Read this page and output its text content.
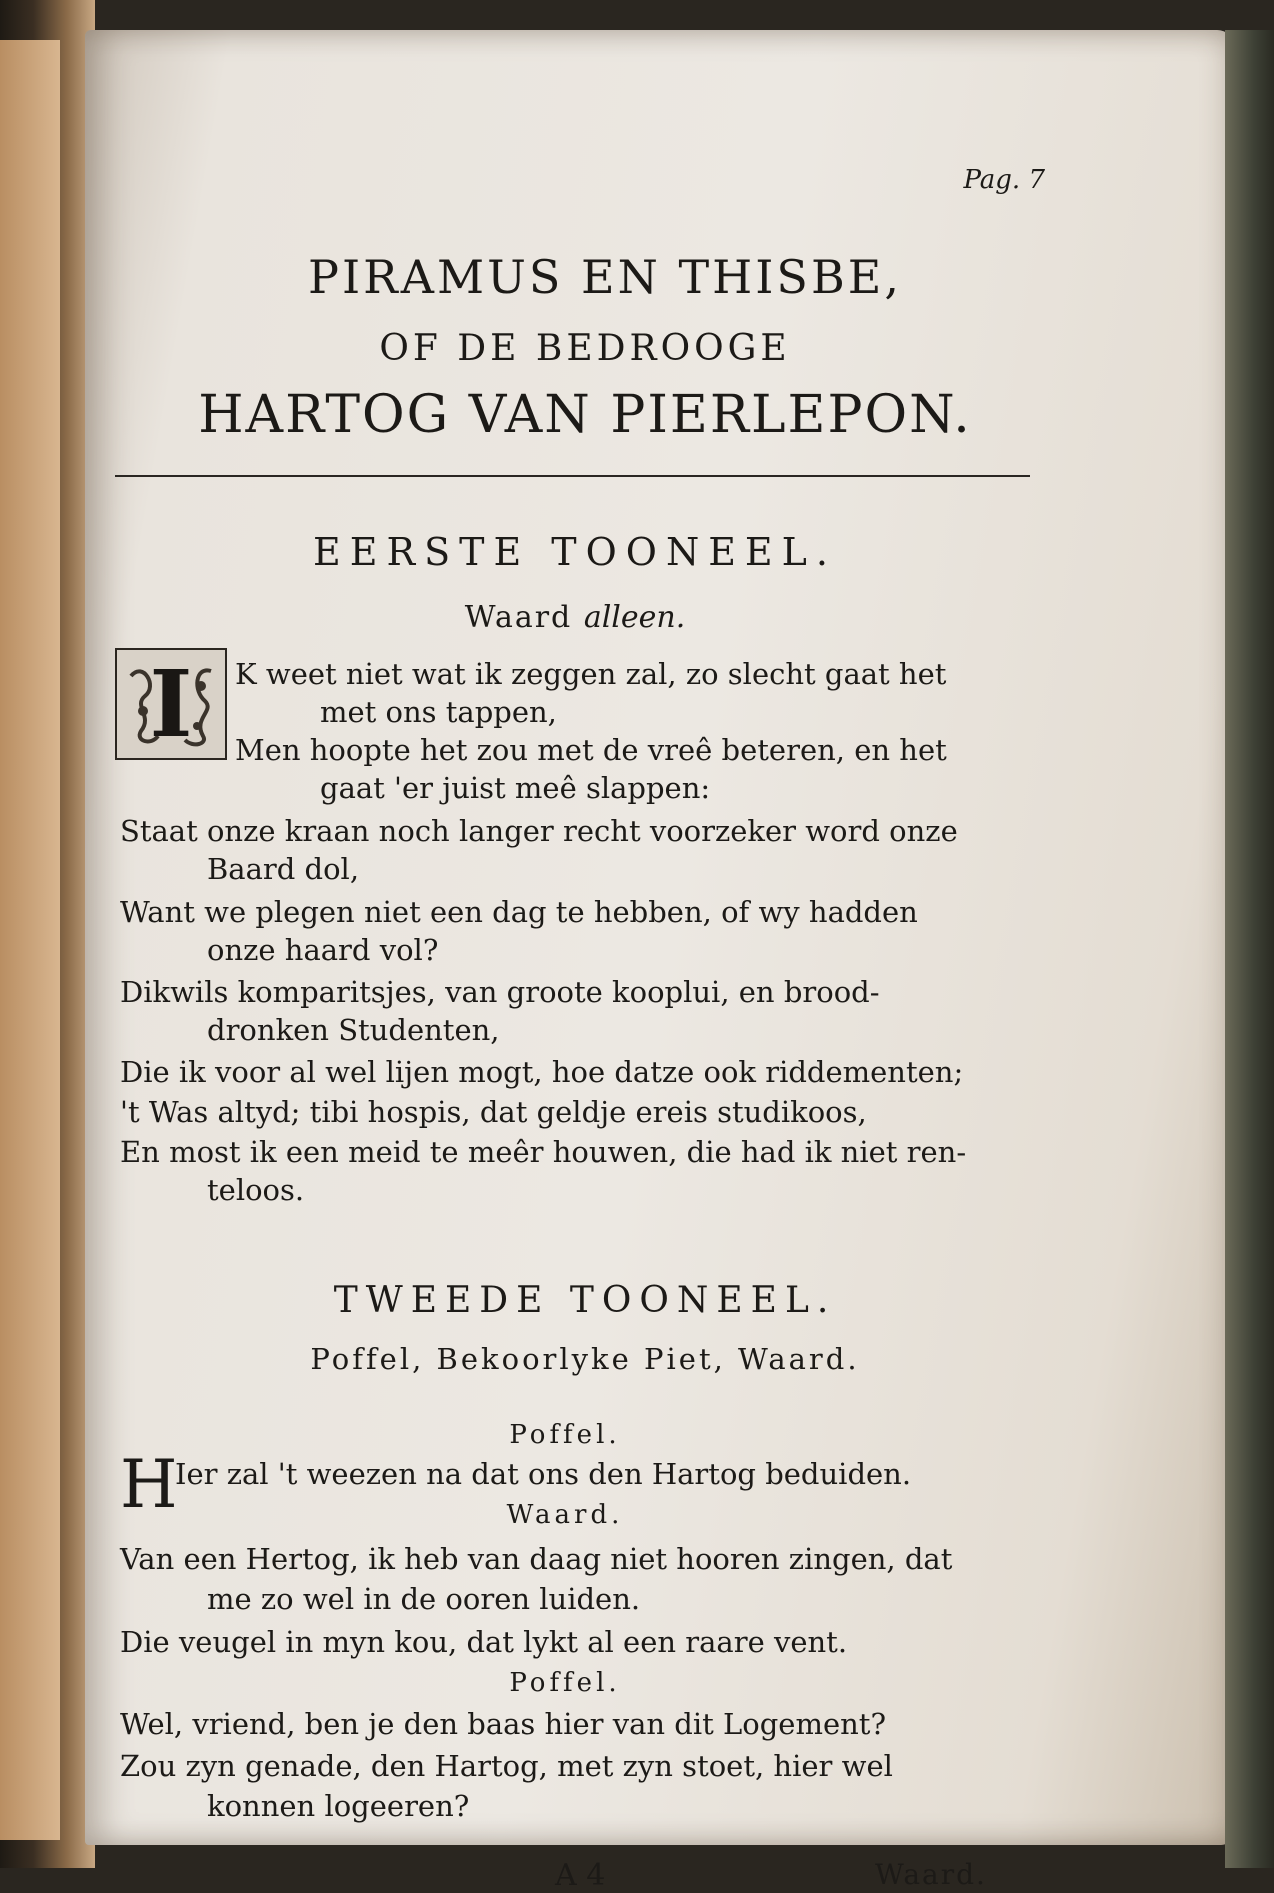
Pag. 7
PIRAMUS EN THISBE,
OF DE BEDROOGE
HARTOG VAN PIERLEPON.
EERSTE TOONEEL.
Waard alleen.
I	K weet niet wat ik zeggen zal, zo slecht gaat het
met ons tappen,
Men hoopte het zou met de vreê beteren, en het
gaat 'er juist meê slappen:
Staat onze kraan noch langer recht voorzeker word onze
Baard dol,
Want we plegen niet een dag te hebben, of wy hadden
onze haard vol?
Dikwils komparitsjes, van groote kooplui, en brood-
dronken Studenten,
Die ik voor al wel lijen mogt, hoe datze ook riddementen;
't Was altyd; tibi hospis, dat geldje ereis studikoos,
En most ik een meid te meêr houwen, die had ik niet ren-
teloos.
TWEEDE TOONEEL.
Poffel, Bekoorlyke Piet, Waard.
Poffel.
H
Ier zal 't weezen na dat ons den Hartog beduiden.
Waard.
Van een Hertog, ik heb van daag niet hooren zingen, dat
me zo wel in de ooren luiden.
Die veugel in myn kou, dat lykt al een raare vent.
Poffel.
Wel, vriend, ben je den baas hier van dit Logement?
Zou zyn genade, den Hartog, met zyn stoet, hier wel
konnen logeeren?
A 4	Waard.
